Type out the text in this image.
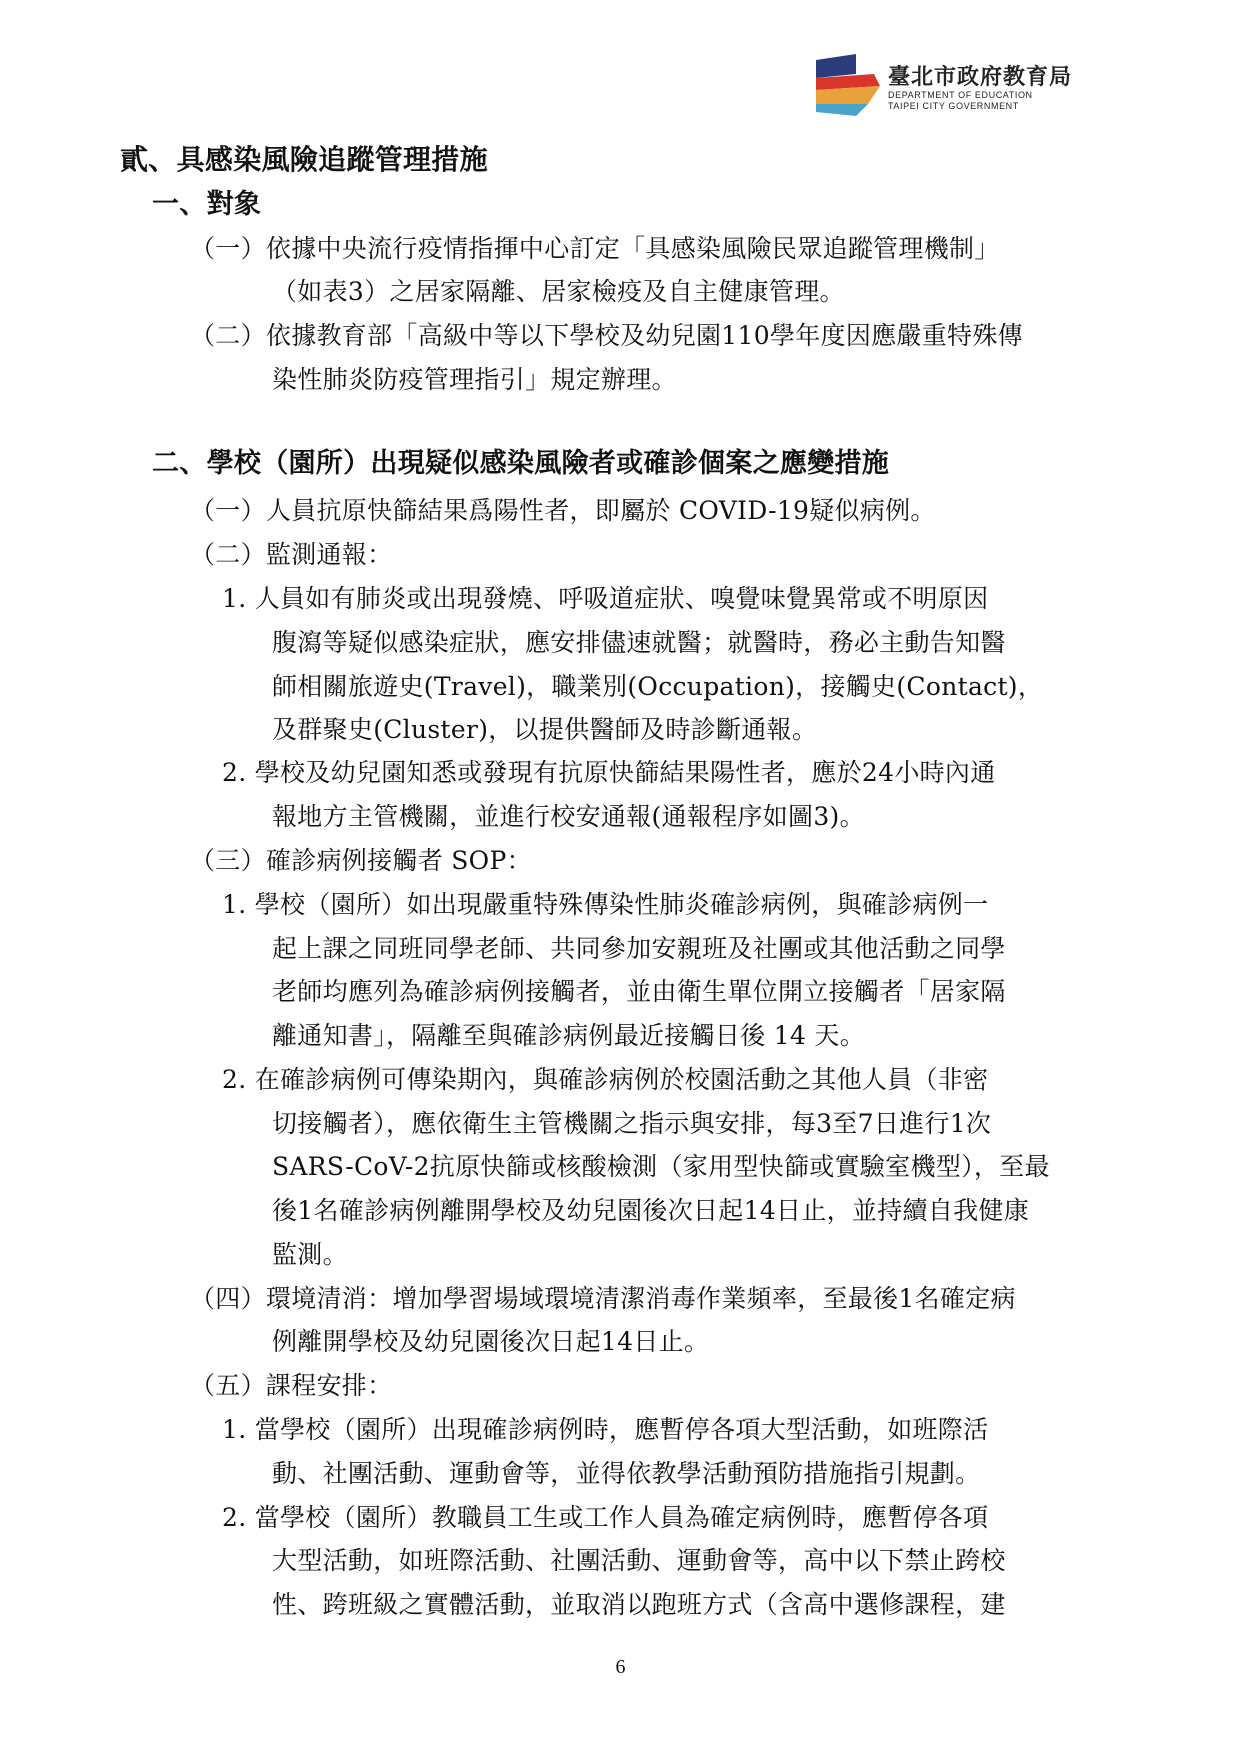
臺北市政府教育局
DEPARTMENT OF EDUCATION
TAIPEI CITY GOVERNMENT
貳、具感染風險追蹤管理措施
一、對象
（一）依據中央流行疫情指揮中心訂定「具感染風險民眾追蹤管理機制」
（如表3）之居家隔離、居家檢疫及自主健康管理。
（二）依據教育部「高級中等以下學校及幼兒園110學年度因應嚴重特殊傳
染性肺炎防疫管理指引」規定辦理。
二、學校（園所）出現疑似感染風險者或確診個案之應變措施
（一）人員抗原快篩結果爲陽性者，即屬於 COVID-19疑似病例。
（二）監測通報：
1. 人員如有肺炎或出現發燒、呼吸道症狀、嗅覺味覺異常或不明原因
腹瀉等疑似感染症狀，應安排儘速就醫；就醫時，務必主動告知醫
師相關旅遊史(Travel)，職業別(Occupation)，接觸史(Contact)，
及群聚史(Cluster)，以提供醫師及時診斷通報。
2. 學校及幼兒園知悉或發現有抗原快篩結果陽性者，應於24小時內通
報地方主管機關，並進行校安通報(通報程序如圖3)。
（三）確診病例接觸者 SOP：
1. 學校（園所）如出現嚴重特殊傳染性肺炎確診病例，與確診病例一
起上課之同班同學老師、共同參加安親班及社團或其他活動之同學
老師均應列為確診病例接觸者，並由衛生單位開立接觸者「居家隔
離通知書」，隔離至與確診病例最近接觸日後 14 天。
2. 在確診病例可傳染期內，與確診病例於校園活動之其他人員（非密
切接觸者），應依衛生主管機關之指示與安排，每3至7日進行1次
SARS-CoV-2抗原快篩或核酸檢測（家用型快篩或實驗室機型），至最
後1名確診病例離開學校及幼兒園後次日起14日止，並持續自我健康
監測。
（四）環境清消：增加學習場域環境清潔消毒作業頻率，至最後1名確定病
例離開學校及幼兒園後次日起14日止。
（五）課程安排：
1. 當學校（園所）出現確診病例時，應暫停各項大型活動，如班際活
動、社團活動、運動會等，並得依教學活動預防措施指引規劃。
2. 當學校（園所）教職員工生或工作人員為確定病例時，應暫停各項
大型活動，如班際活動、社團活動、運動會等，高中以下禁止跨校
性、跨班級之實體活動，並取消以跑班方式（含高中選修課程，建
6
